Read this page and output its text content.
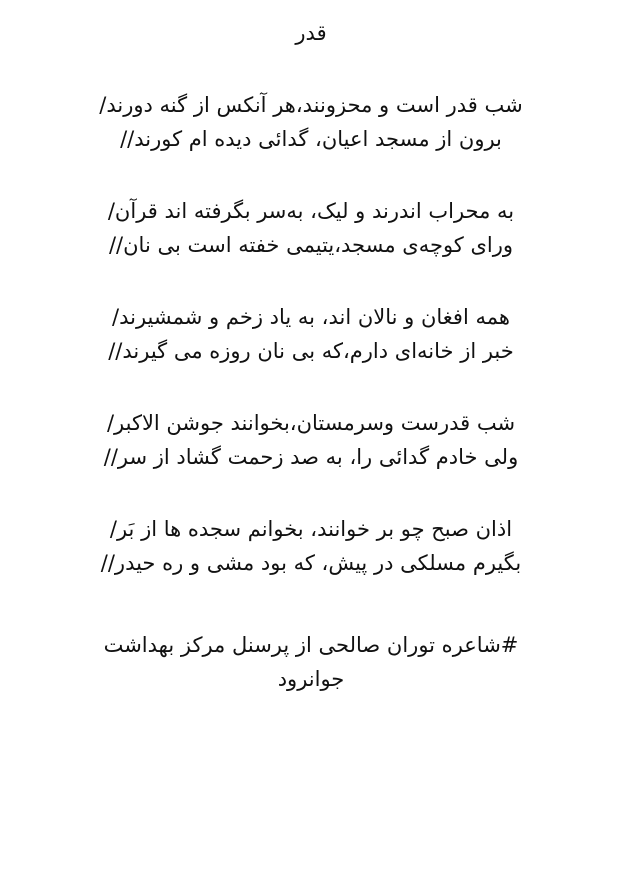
قدر
شب قدر است و محزونند،هر آنکس از گنه دورند/
برون از مسجد اعیان، گدائی دیده ام کورند//
به محراب اندرند و لیک، بەسر بگرفته اند قرآن/
ورای کوچه‌ی مسجد،یتیمی خفته است بی نان//
همه افغان و نالان اند، به یاد زخم و شمشیرند/
خبر از خانه‌ای دارم،که بی نان روزه می گیرند//
شب قدرست وسرمستان،بخوانند جوشن الاکبر/
ولی خادم گدائی را، به صد زحمت گشاد از سر//
اذان صبح چو بر خوانند، بخوانم سجده ها از بَر/
بگیرم مسلکی در پیش، که بود مشی و ره حیدر//
#شاعره توران صالحی از پرسنل مرکز بهداشت
جوانرود
